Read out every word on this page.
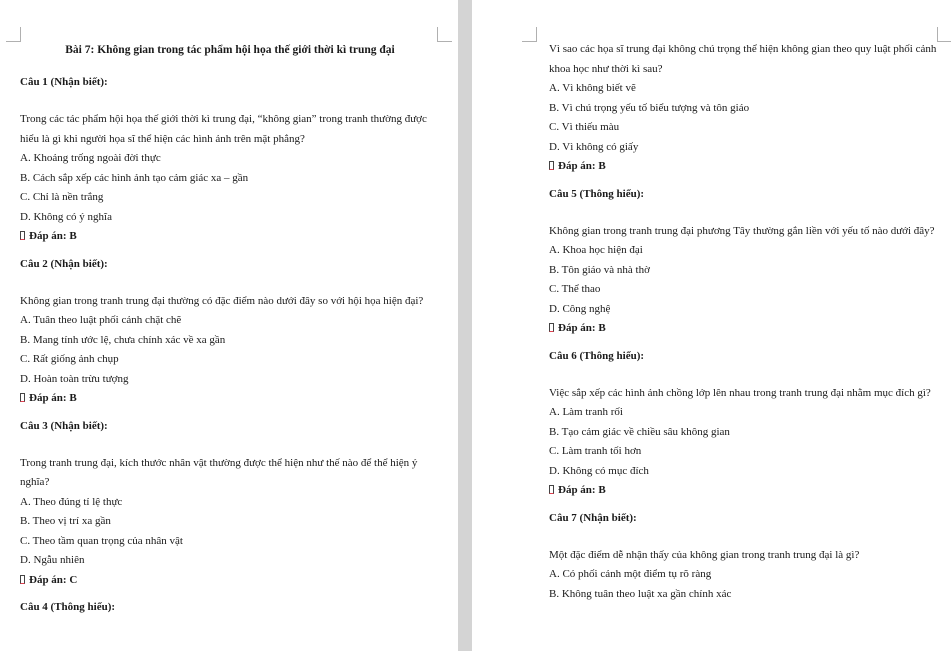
Bài 7: Không gian trong tác phẩm hội họa thế giới thời kì trung đại

Câu 1 (Nhận biết):

Trong các tác phẩm hội họa thế giới thời kì trung đại, “không gian” trong tranh thường được hiểu là gì khi người họa sĩ thể hiện các hình ảnh trên mặt phẳng?

A. Khoảng trống ngoài đời thực

B. Cách sắp xếp các hình ảnh tạo cảm giác xa – gần

C. Chỉ là nền trắng

D. Không có ý nghĩa

Đáp án: B

Câu 2 (Nhận biết):

Không gian trong tranh trung đại thường có đặc điểm nào dưới đây so với hội họa hiện đại?

A. Tuân theo luật phối cảnh chặt chẽ

B. Mang tính ước lệ, chưa chính xác về xa gần

C. Rất giống ảnh chụp

D. Hoàn toàn trừu tượng

Đáp án: B

Câu 3 (Nhận biết):

Trong tranh trung đại, kích thước nhân vật thường được thể hiện như thế nào để thể hiện ý nghĩa?

A. Theo đúng tỉ lệ thực

B. Theo vị trí xa gần

C. Theo tầm quan trọng của nhân vật

D. Ngẫu nhiên

Đáp án: C

Câu 4 (Thông hiểu):

Vì sao các họa sĩ trung đại không chú trọng thể hiện không gian theo quy luật phối cảnh khoa học như thời kì sau?

A. Vì không biết vẽ

B. Vì chú trọng yếu tố biểu tượng và tôn giáo

C. Vì thiếu màu

D. Vì không có giấy

Đáp án: B

Câu 5 (Thông hiểu):

Không gian trong tranh trung đại phương Tây thường gắn liền với yếu tố nào dưới đây?

A. Khoa học hiện đại

B. Tôn giáo và nhà thờ

C. Thể thao

D. Công nghệ

Đáp án: B

Câu 6 (Thông hiểu):

Việc sắp xếp các hình ảnh chồng lớp lên nhau trong tranh trung đại nhằm mục đích gì?

A. Làm tranh rối

B. Tạo cảm giác về chiều sâu không gian

C. Làm tranh tối hơn

D. Không có mục đích

Đáp án: B

Câu 7 (Nhận biết):

Một đặc điểm dễ nhận thấy của không gian trong tranh trung đại là gì?

A. Có phối cảnh một điểm tụ rõ ràng

B. Không tuân theo luật xa gần chính xác
